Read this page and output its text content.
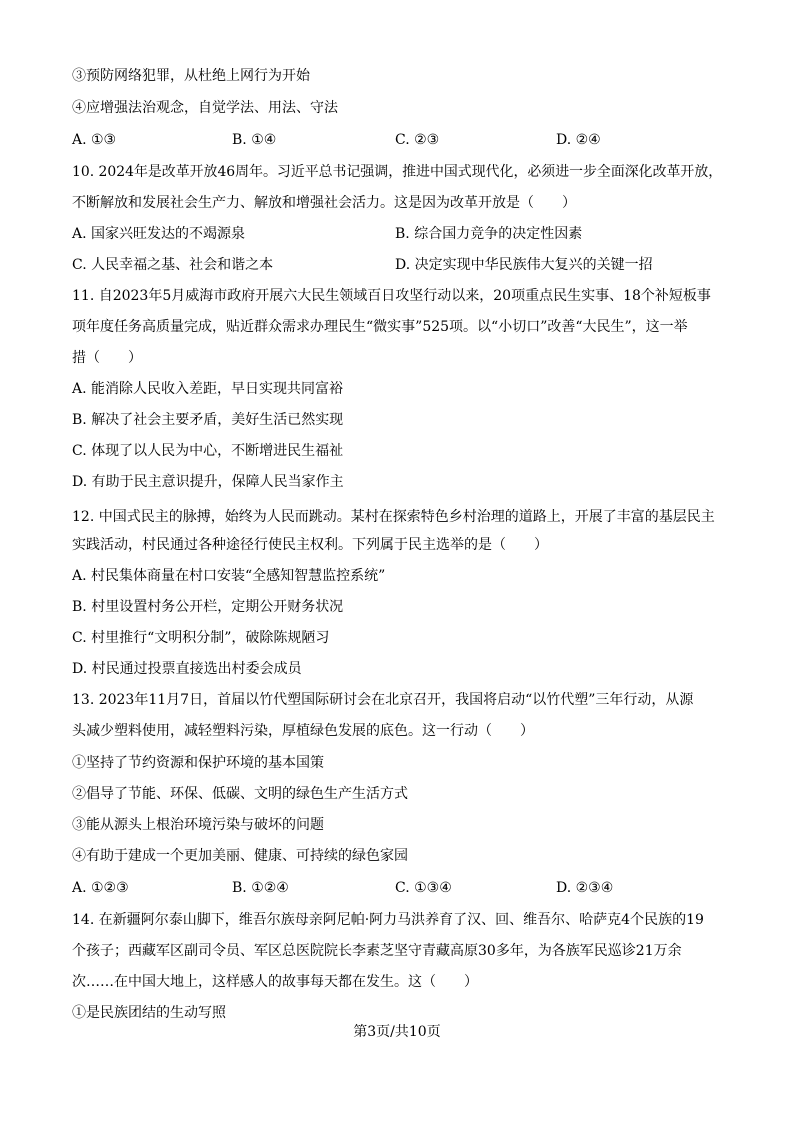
③预防网络犯罪，从杜绝上网行为开始
④应增强法治观念，自觉学法、用法、守法
A. ①③	B. ①④	C. ②③	D. ②④
10. 2024年是改革开放46周年。习近平总书记强调，推进中国式现代化，必须进一步全面深化改革开放，
不断解放和发展社会生产力、解放和增强社会活力。这是因为改革开放是（　　）
A. 国家兴旺发达的不竭源泉	B. 综合国力竞争的决定性因素
C. 人民幸福之基、社会和谐之本	D. 决定实现中华民族伟大复兴的关键一招
11. 自2023年5月威海市政府开展六大民生领域百日攻坚行动以来，20项重点民生实事、18个补短板事
项年度任务高质量完成，贴近群众需求办理民生“微实事”525项。以“小切口”改善“大民生”，这一举
措（　　）
A. 能消除人民收入差距，早日实现共同富裕
B. 解决了社会主要矛盾，美好生活已然实现
C. 体现了以人民为中心，不断增进民生福祉
D. 有助于民主意识提升，保障人民当家作主
12. 中国式民主的脉搏，始终为人民而跳动。某村在探索特色乡村治理的道路上，开展了丰富的基层民主
实践活动，村民通过各种途径行使民主权利。下列属于民主选举的是（　　）
A. 村民集体商量在村口安装“全感知智慧监控系统”
B. 村里设置村务公开栏，定期公开财务状况
C. 村里推行“文明积分制”，破除陈规陋习
D. 村民通过投票直接选出村委会成员
13. 2023年11月7日，首届以竹代塑国际研讨会在北京召开，我国将启动“以竹代塑”三年行动，从源
头减少塑料使用，减轻塑料污染，厚植绿色发展的底色。这一行动（　　）
①坚持了节约资源和保护环境的基本国策
②倡导了节能、环保、低碳、文明的绿色生产生活方式
③能从源头上根治环境污染与破坏的问题
④有助于建成一个更加美丽、健康、可持续的绿色家园
A. ①②③	B. ①②④	C. ①③④	D. ②③④
14. 在新疆阿尔泰山脚下，维吾尔族母亲阿尼帕·阿力马洪养育了汉、回、维吾尔、哈萨克4个民族的19
个孩子；西藏军区副司令员、军区总医院院长李素芝坚守青藏高原30多年，为各族军民巡诊21万余
次……在中国大地上，这样感人的故事每天都在发生。这（　　）
①是民族团结的生动写照
第3页/共10页
